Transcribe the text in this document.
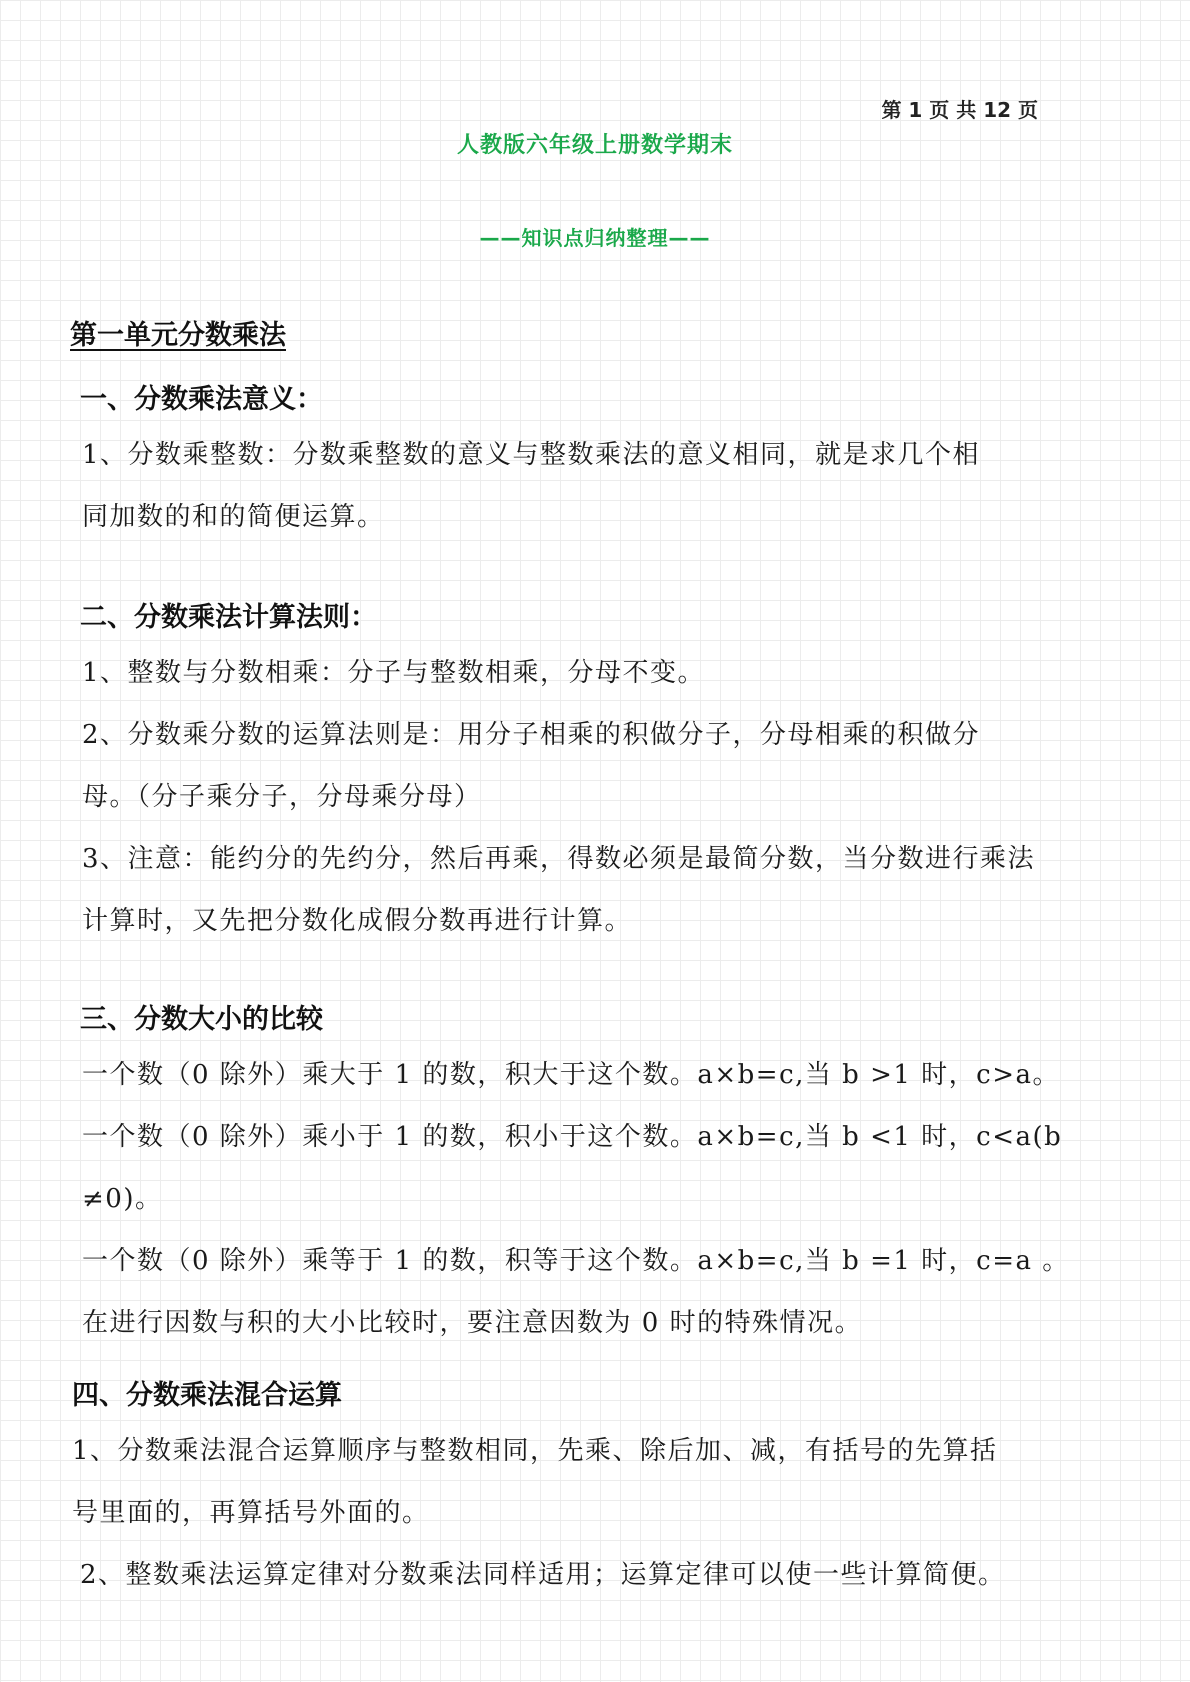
第 1 页 共 12 页
人教版六年级上册数学期末
——知识点归纳整理——
第一单元分数乘法
一、分数乘法意义：
1、分数乘整数：分数乘整数的意义与整数乘法的意义相同，就是求几个相
同加数的和的简便运算。
二、分数乘法计算法则：
1、整数与分数相乘：分子与整数相乘，分母不变。
2、分数乘分数的运算法则是：用分子相乘的积做分子，分母相乘的积做分
母。（分子乘分子，分母乘分母）
3、注意：能约分的先约分，然后再乘，得数必须是最简分数，当分数进行乘法
计算时，又先把分数化成假分数再进行计算。
三、分数大小的比较
一个数（0 除外）乘大于 1 的数，积大于这个数。a×b=c,当 b >1 时，c>a。
一个数（0 除外）乘小于 1 的数，积小于这个数。a×b=c,当 b <1 时，c<a(b
≠0)。
一个数（0 除外）乘等于 1 的数，积等于这个数。a×b=c,当 b =1 时，c=a 。
在进行因数与积的大小比较时，要注意因数为 0 时的特殊情况。
四、分数乘法混合运算
1、分数乘法混合运算顺序与整数相同，先乘、除后加、减，有括号的先算括
号里面的，再算括号外面的。
2、整数乘法运算定律对分数乘法同样适用；运算定律可以使一些计算简便。
